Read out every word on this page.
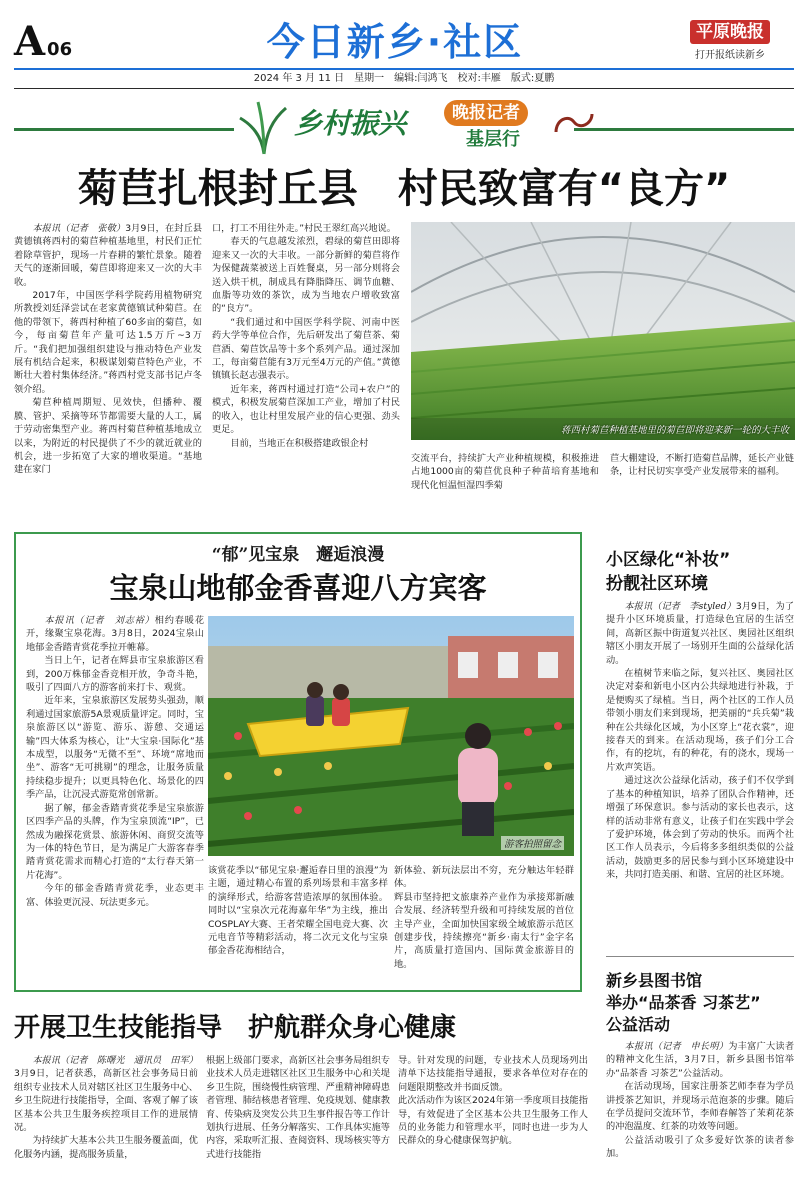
A 06	今日新乡·社区	平原晚报
打开报纸读新乡
2024 年 3 月 11 日　星期一　编辑:闫鸿飞　校对:丰雁　版式:夏鹏
乡村振兴	晚报记者
基层行
菊苣扎根封丘县　村民致富有“良方”

本报讯（记者　张敬）3月9日，在封丘县黄德镇蒋西村的菊苣种植基地里，村民们正忙着除草管护，现场一片春耕的繁忙景象。随着天气的逐渐回暖，菊苣即将迎来又一次的大丰收。

2017年，中国医学科学院药用植物研究所教授刘廷泽尝试在老家黄德镇试种菊苣。在他的带领下，蒋西村种植了60多亩的菊苣，如今，每亩菊苣年产量可达1.5万斤~3万斤。“我们把加强组织建设与推动特色产业发展有机结合起来，积极谋划菊苣特色产业，不断壮大着村集体经济。”蒋西村党支部书记卢冬领介绍。

菊苣种植周期短、见效快，但播种、覆膜、管护、采摘等环节都需要大量的人工，属于劳动密集型产业。蒋西村菊苣种植基地成立以来，为附近的村民提供了不少的就近就业的机会，进一步拓宽了大家的增收渠道。“基地建在家门

口，打工不用往外走。”村民王翠红高兴地说。

春天的气息越发浓烈，碧绿的菊苣田即将迎来又一次的大丰收。一部分新鲜的菊苣将作为保健蔬菜被送上百姓餐桌，另一部分则将会送入烘干机，制成具有降脂降压、调节血糖、血脂等功效的茶饮，成为当地农户增收致富的“良方”。

“我们通过和中国医学科学院、河南中医药大学等单位合作，先后研发出了菊苣茶、菊苣酒、菊苣饮品等十多个系列产品。通过深加工，每亩菊苣能有3万元至4万元的产值。”黄德镇镇长赵志强表示。

近年来，蒋西村通过打造“公司+农户”的模式，积极发展菊苣深加工产业，增加了村民的收入，也让村里发展产业的信心更强、劲头更足。

目前，当地正在积极搭建政银企村

蒋西村菊苣种植基地里的菊苣即将迎来新一轮的大丰收
交流平台，持续扩大产业种植规模，积极推进占地1000亩的菊苣优良种子种苗培育基地和现代化恒温恒湿四季菊
苣大棚建设，不断打造菊苣品牌，延长产业链条，让村民切实享受产业发展带来的福利。
“郁”见宝泉　邂逅浪漫
宝泉山地郁金香喜迎八方宾客

本报讯（记者　刘志裕）相约春暖花开，缘聚宝泉花海。3月8日，2024宝泉山地郁金香踏青赏花季拉开帷幕。

当日上午，记者在辉县市宝泉旅游区看到，200万株郁金香竞相开放，争奇斗艳，吸引了四面八方的游客前来打卡、观赏。

近年来，宝泉旅游区发展势头强劲，顺利通过国家旅游5A景观质量评定。同时，宝泉旅游区以“游览、游乐、游憩、交通运输”四大体系为核心，让“大宝泉·国际化”基本成型，以服务“无微不至”、环境“席地而坐”、游客“无可挑剔”的理念，让服务质量持续稳步提升；以更具特色化、场景化的四季产品，让沉浸式游览常创常新。

据了解，郁金香踏青赏花季是宝泉旅游区四季产品的头牌，作为宝泉顶流“IP”，已然成为融探花赏景、旅游休闲、商贸交流等为一体的特色节日，是为满足广大游客春季踏青赏花需求而精心打造的“太行春天第一片花海”。

今年的郁金香踏青赏花季，业态更丰富、体验更沉浸、玩法更多元。

游客拍照留念
该赏花季以“郁见宝泉·邂逅春日里的浪漫”为主题，通过精心布置的系列场景和丰富多样的演绎形式，给游客营造浓厚的氛围体验。同时以“宝泉次元花海嘉年华”为主线，推出COSPLAY大赛、王者荣耀全国电竞大赛、次元电音节等精彩活动，将二次元文化与宝泉郁金香花海相结合，
新体验、新玩法层出不穷，充分触达年轻群体。
辉县市坚持把文旅康养产业作为承接郑新融合发展、经济转型升级和可持续发展的首位主导产业，全面加快国家级全域旅游示范区创建步伐，持续擦亮“新乡·南太行”金字名片，高质量打造国内、国际黄金旅游目的地。
小区绿化“补妆”
扮靓社区环境

本报讯（记者　李styled）3月9日，为了提升小区环境质量，打造绿色宜居的生活空间，高新区振中街道复兴社区、奥园社区组织辖区小朋友开展了一场别开生面的公益绿化活动。

在植树节来临之际，复兴社区、奥园社区决定对泰和新电小区内公共绿地进行补栽，于是便购买了绿植。当日，两个社区的工作人员带领小朋友们来到现场，把美丽的“兵兵菊”栽种在公共绿化区域，为小区穿上“花衣裳”，迎接春天的到来。在活动现场，孩子们分工合作，有的挖坑，有的种花，有的浇水，现场一片欢声笑语。

通过这次公益绿化活动，孩子们不仅学到了基本的种植知识，培养了团队合作精神，还增强了环保意识。参与活动的家长也表示，这样的活动非常有意义，让孩子们在实践中学会了爱护环境，体会到了劳动的快乐。而两个社区工作人员表示，今后将多多组织类似的公益活动，鼓励更多的居民参与到小区环境建设中来，共同打造美丽、和谐、宜居的社区环境。

新乡县图书馆
举办“品茶香 习茶艺”
公益活动

本报讯（记者　申长明）为丰富广大读者的精神文化生活，3月7日，新乡县图书馆举办“品茶香 习茶艺”公益活动。

在活动现场，国家注册茶艺师李春为学员讲授茶艺知识，并现场示范泡茶的步骤。随后在学员提问交流环节，李师春解答了茉莉花茶的冲泡温度、红茶的功效等问题。

公益活动吸引了众多爱好饮茶的读者参加。

开展卫生技能指导　护航群众身心健康

本报讯（记者　陈曙光　通讯员　田军）3月9日，记者获悉，高新区社会事务局日前组织专业技术人员对辖区社区卫生服务中心、乡卫生院进行技能指导，全面、客观了解了该区基本公共卫生服务疾控项目工作的进展情况。

为持续扩大基本公共卫生服务覆盖面，优化服务内涵，提高服务质量，

根据上级部门要求，高新区社会事务局组织专业技术人员走进辖区社区卫生服务中心和关堤乡卫生院，围绕慢性病管理、严重精神障碍患者管理、肺结核患者管理、免疫规划、健康教育、传染病及突发公共卫生事件报告等工作计划执行进展、任务分解落实、工作具体实施等内容，采取听汇报、查阅资料、现场核实等方式进行技能指
导。针对发现的问题，专业技术人员现场列出清单下达技能指导通报，要求各单位对存在的问题限期整改并书面反馈。
此次活动作为该区2024年第一季度项目技能指导，有效促进了全区基本公共卫生服务工作人员的业务能力和管理水平，同时也进一步为人民群众的身心健康保驾护航。
